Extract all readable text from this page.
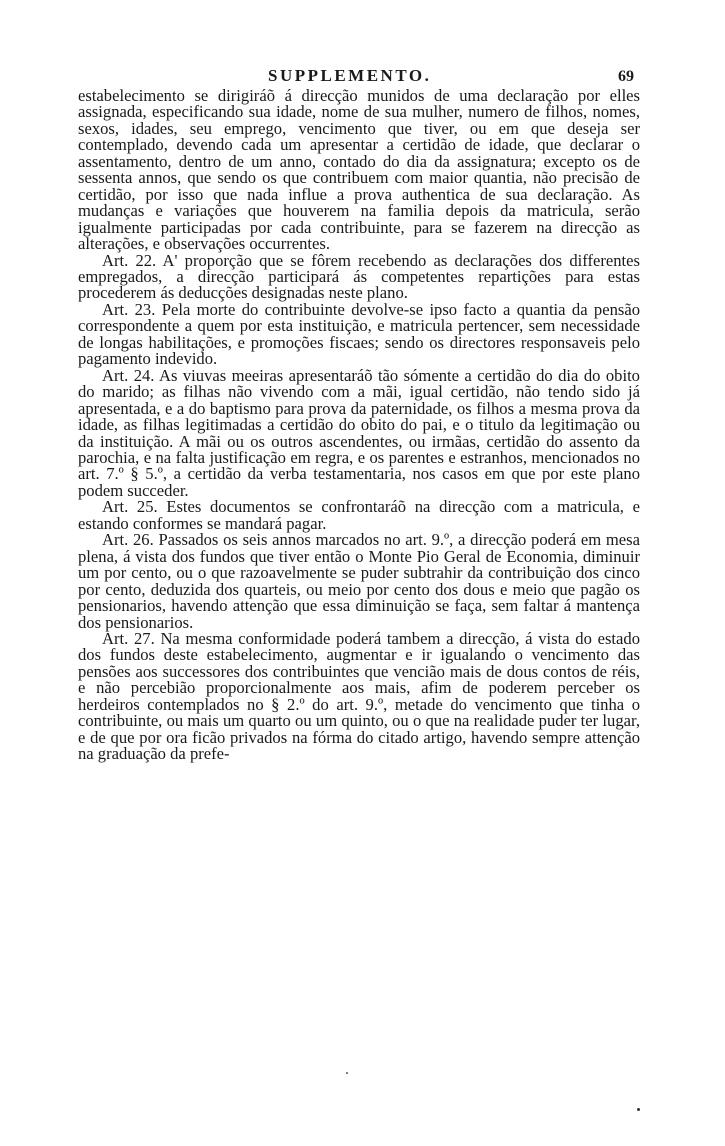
SUPPLEMENTO.	69

estabelecimento se dirigiráõ á direcção munidos de uma declaração por elles assignada, especificando sua idade, nome de sua mulher, numero de filhos, nomes, sexos, idades, seu emprego, vencimento que tiver, ou em que deseja ser contemplado, devendo cada um apresentar a certidão de idade, que declarar o assentamento, dentro de um anno, contado do dia da assignatura; excepto os de sessenta annos, que sendo os que contribuem com maior quantia, não precisão de certidão, por isso que nada influe a prova authentica de sua declaração. As mudanças e variações que houverem na familia depois da matricula, serão igualmente participadas por cada contribuinte, para se fazerem na direcção as alterações, e observações occurrentes.

Art. 22. A' proporção que se fôrem recebendo as declarações dos differentes empregados, a direcção participará ás competentes repartições para estas procederem ás deducções designadas neste plano.

Art. 23. Pela morte do contribuinte devolve-se ipso facto a quantia da pensão correspondente a quem por esta instituição, e matricula pertencer, sem necessidade de longas habilitações, e promoções fiscaes; sendo os directores responsaveis pelo pagamento indevido.

Art. 24. As viuvas meeiras apresentaráõ tão sómente a certidão do dia do obito do marido; as filhas não vivendo com a mãi, igual certidão, não tendo sido já apresentada, e a do baptismo para prova da paternidade, os filhos a mesma prova da idade, as filhas legitimadas a certidão do obito do pai, e o titulo da legitimação ou da instituição. A mãi ou os outros ascendentes, ou irmãas, certidão do assento da parochia, e na falta justificação em regra, e os parentes e estranhos, mencionados no art. 7.º § 5.º, a certidão da verba testamentaria, nos casos em que por este plano podem succeder.

Art. 25. Estes documentos se confrontaráõ na direcção com a matricula, e estando conformes se mandará pagar.

Art. 26. Passados os seis annos marcados no art. 9.º, a direcção poderá em mesa plena, á vista dos fundos que tiver então o Monte Pio Geral de Economia, diminuir um por cento, ou o que razoavelmente se puder subtrahir da contribuição dos cinco por cento, deduzida dos quarteis, ou meio por cento dos dous e meio que pagão os pensionarios, havendo attenção que essa diminuição se faça, sem faltar á mantença dos pensionarios.

Art. 27. Na mesma conformidade poderá tambem a direcção, á vista do estado dos fundos deste estabelecimento, augmentar e ir igualando o vencimento das pensões aos successores dos contribuintes que vencião mais de dous contos de réis, e não percebião proporcionalmente aos mais, afim de poderem perceber os herdeiros contemplados no § 2.º do art. 9.º, metade do vencimento que tinha o contribuinte, ou mais um quarto ou um quinto, ou o que na realidade puder ter lugar, e de que por ora ficão privados na fórma do citado artigo, havendo sempre attenção na graduação da prefe-
